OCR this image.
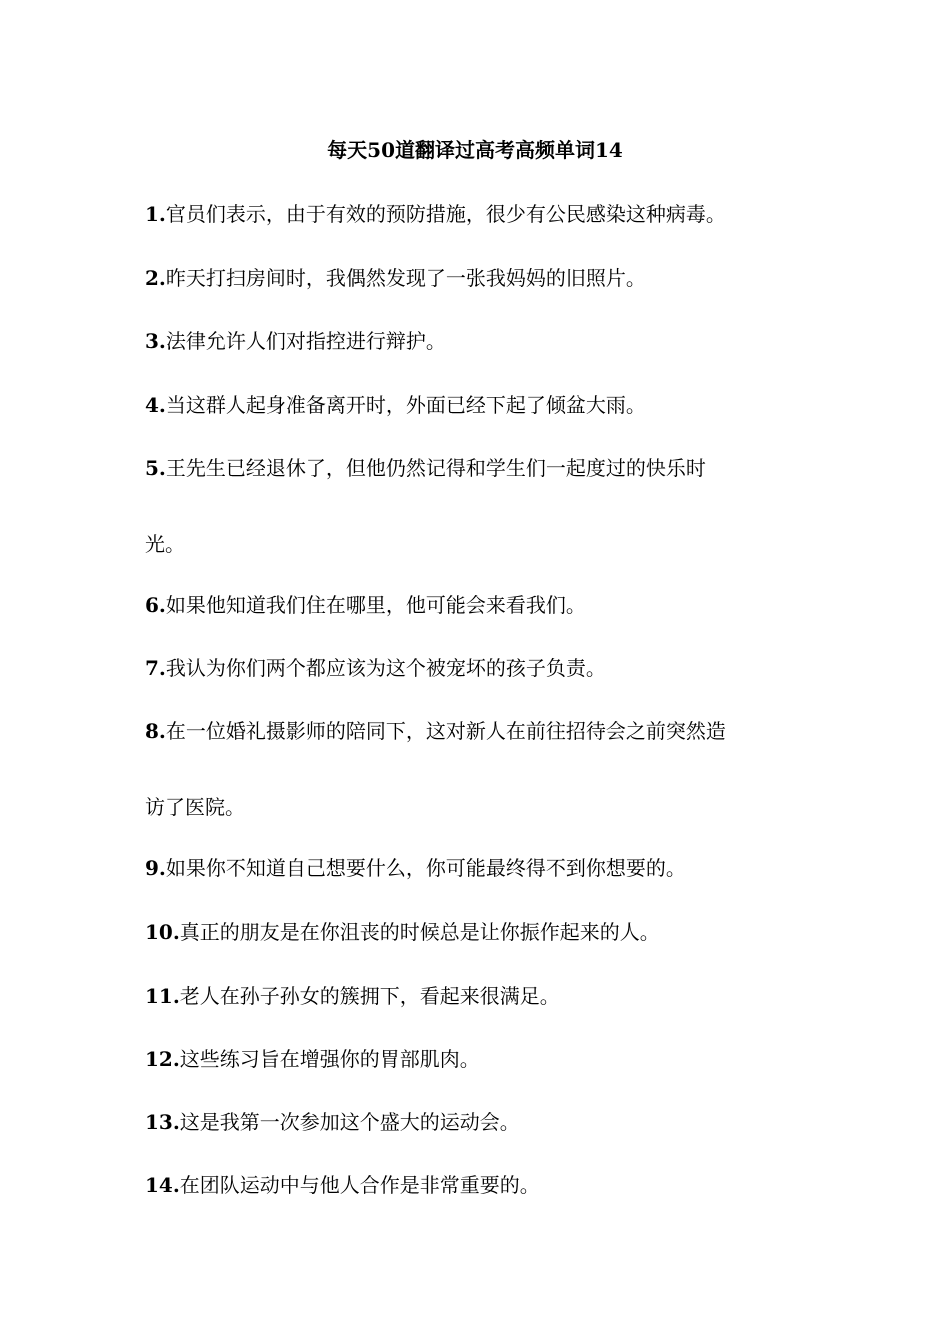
每天50道翻译过高考高频单词14
1.官员们表示，由于有效的预防措施，很少有公民感染这种病毒。
2.昨天打扫房间时，我偶然发现了一张我妈妈的旧照片。
3.法律允许人们对指控进行辩护。
4.当这群人起身准备离开时，外面已经下起了倾盆大雨。
5.王先生已经退休了，但他仍然记得和学生们一起度过的快乐时
光。
6.如果他知道我们住在哪里，他可能会来看我们。
7.我认为你们两个都应该为这个被宠坏的孩子负责。
8.在一位婚礼摄影师的陪同下，这对新人在前往招待会之前突然造
访了医院。
9.如果你不知道自己想要什么，你可能最终得不到你想要的。
10.真正的朋友是在你沮丧的时候总是让你振作起来的人。
11.老人在孙子孙女的簇拥下，看起来很满足。
12.这些练习旨在增强你的胃部肌肉。
13.这是我第一次参加这个盛大的运动会。
14.在团队运动中与他人合作是非常重要的。
